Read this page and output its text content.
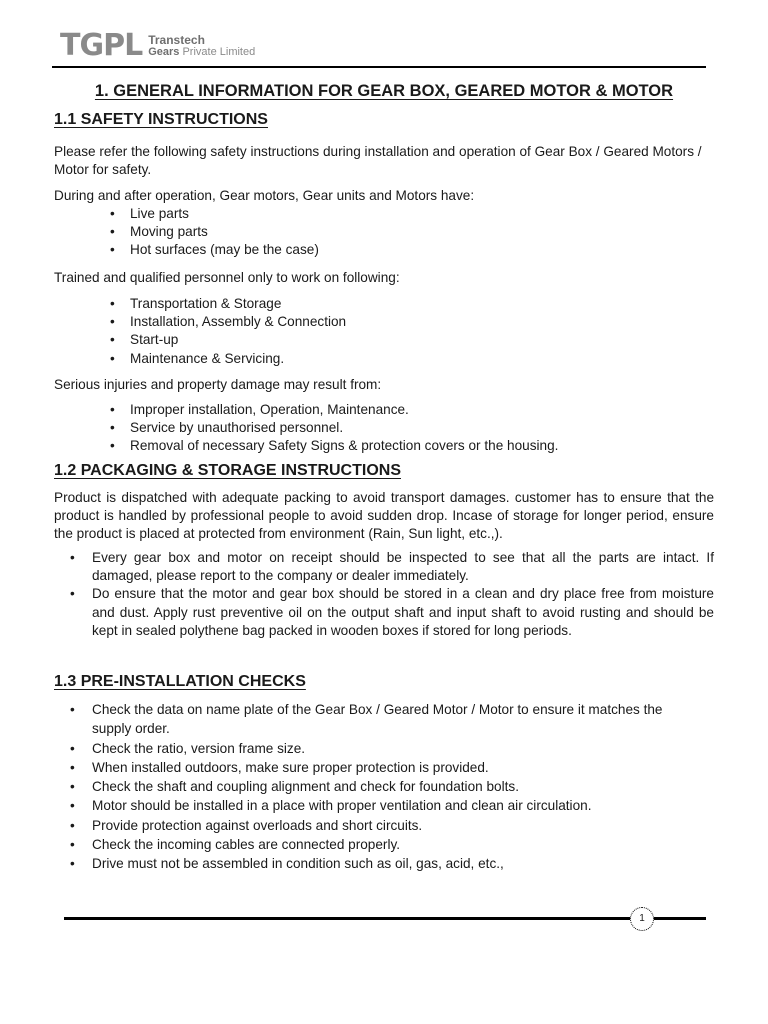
TGPL Transtech
Gears Private Limited
1. GENERAL INFORMATION FOR GEAR BOX, GEARED MOTOR & MOTOR
1.1 SAFETY INSTRUCTIONS

Please refer the following safety instructions during installation and operation of Gear Box / Geared Motors / Motor for safety.

During and after operation, Gear motors, Gear units and Motors have:

• Live parts
• Moving parts
• Hot surfaces (may be the case)

Trained and qualified personnel only to work on following:

• Transportation & Storage
• Installation, Assembly & Connection
• Start-up
• Maintenance & Servicing.

Serious injuries and property damage may result from:

• Improper installation, Operation, Maintenance.
• Service by unauthorised personnel.
• Removal of necessary Safety Signs & protection covers or the housing.
1.2 PACKAGING & STORAGE INSTRUCTIONS

Product is dispatched with adequate packing to avoid transport damages. customer has to ensure that the product is handled by professional people to avoid sudden drop. Incase of storage for longer period, ensure the product is placed at protected from environment (Rain, Sun light, etc.,).

• Every gear box and motor on receipt should be inspected to see that all the parts are intact. If damaged, please report to the company or dealer immediately.
• Do ensure that the motor and gear box should be stored in a clean and dry place free from moisture and dust. Apply rust preventive oil on the output shaft and input shaft to avoid rusting and should be kept in sealed polythene bag packed in wooden boxes if stored for long periods.
1.3 PRE-INSTALLATION CHECKS
• Check the data on name plate of the Gear Box / Geared Motor / Motor to ensure it matches the supply order.
• Check the ratio, version frame size.
• When installed outdoors, make sure proper protection is provided.
• Check the shaft and coupling alignment and check for foundation bolts.
• Motor should be installed in a place with proper ventilation and clean air circulation.
• Provide protection against overloads and short circuits.
• Check the incoming cables are connected properly.
• Drive must not be assembled in condition such as oil, gas, acid, etc.,
1
